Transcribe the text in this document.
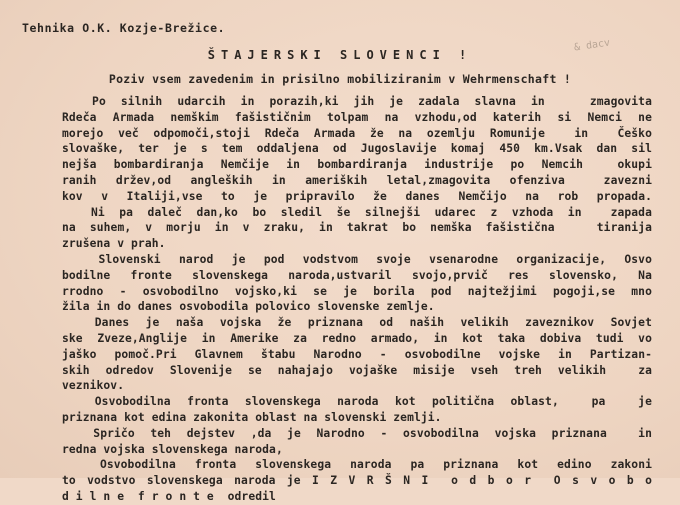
Tehnika O.K. Kozje-Brežice.
& dacv
ŠTAJERSKI SLOVENCI !
Poziv vsem zavedenim in prisilno mobiliziranim v Wehrmenschaft !
Po silnih udarcih in porazih,ki jih je zadala slavna in   zmagovita
Rdeča Armada nemškim fašističnim tolpam na vzhodu,od katerih si Nemci ne
morejo več odpomoči,stoji Rdeča Armada že na ozemlju Romunije  in  Češko
slovaške, ter je s tem oddaljena od Jugoslavije komaj 450 km.Vsak dan sil
nejša bombardiranja Nemčije in bombardiranja industrije po Nemcih  okupi
ranih držev,od angleških in ameriških letal,zmagovita ofenziva  zavezni
kov v Italiji,vse to je pripravilo že danes Nemčijo na rob propada.
Ni pa daleč dan,ko bo sledil še silnejši udarec z vzhoda in  zapada
na suhem, v morju in v zraku, in takrat bo nemška fašistična   tiranija
zrušena v prah.
Slovenski narod je pod vodstvom svoje vsenarodne organizacije, Osvo
bodilne fronte slovenskega naroda,ustvaril svojo,prvič res slovensko, Na
rrodno - osvobodilno vojsko,ki se je borila pod najtežjimi pogoji,se mno
žila in do danes osvobodila polovico slovenske zemlje.
Danes je naša vojska že priznana od naših velikih zaveznikov Sovjet
ske Zveze,Anglije in Amerike za redno armado, in kot taka dobiva tudi vo
jaško pomoč.Pri Glavnem štabu Narodno - osvobodilne vojske in Partizan-
skih odredov Slovenije se nahajajo vojaške misije vseh treh velikih  za
veznikov.
Osvobodilna fronta slovenskega naroda kot politična oblast,  pa  je
priznana kot edina zakonita oblast na slovenski zemlji.
Spričo teh dejstev ,da je Narodno - osvobodilna vojska priznana  in
redna vojska slovenskega naroda,
Osvobodilna fronta slovenskega naroda pa priznana kot edino zakoni
to vodstvo slovenskega naroda je I Z V R Š N I  o d b o r  O s v o b o
d i l n e  f r o n t e  odredil
